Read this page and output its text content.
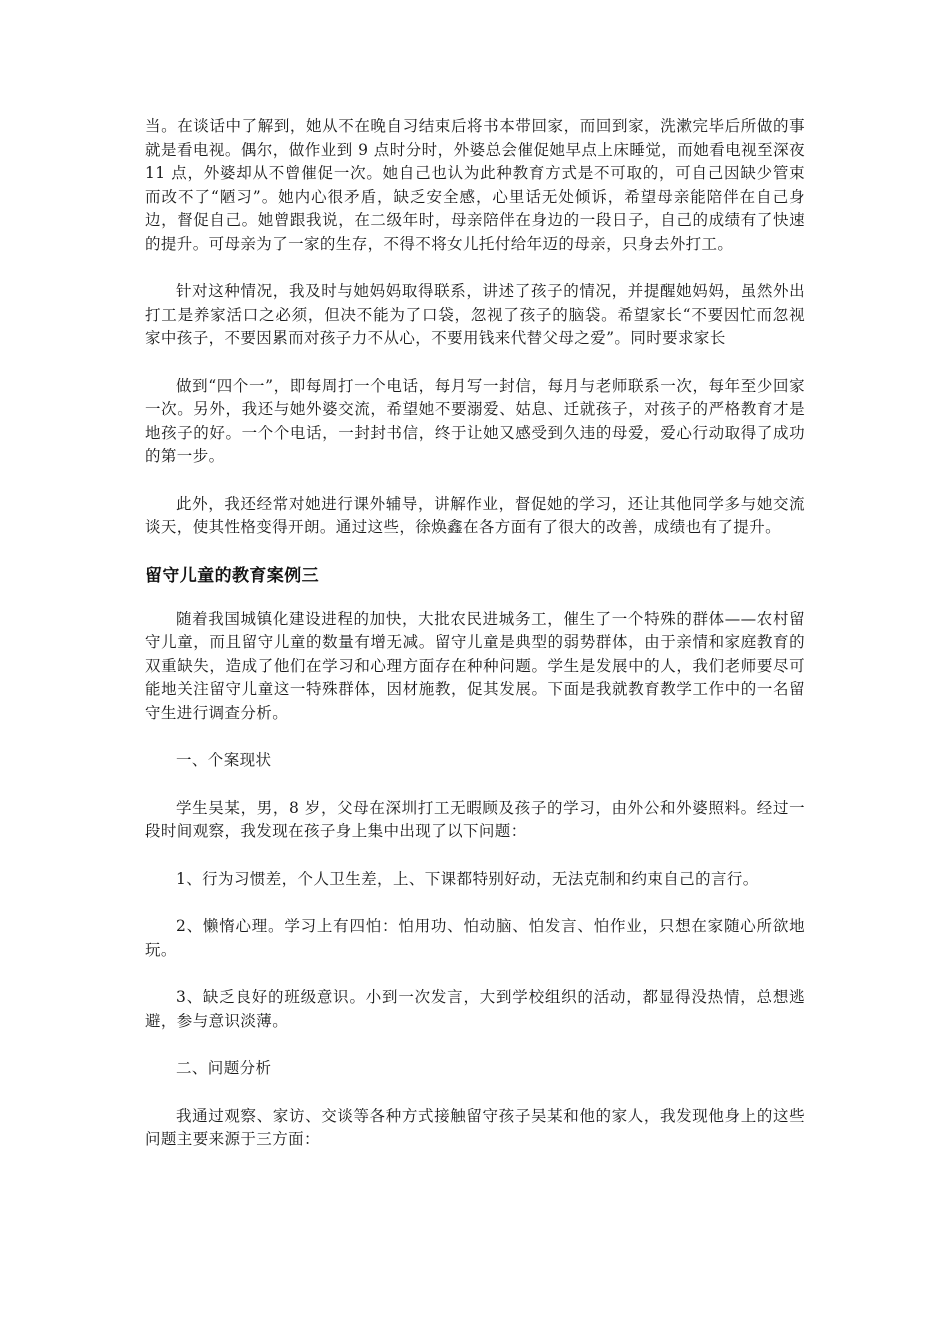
当。在谈话中了解到，她从不在晚自习结束后将书本带回家，而回到家，洗漱完毕后所做的事就是看电视。偶尔，做作业到 9 点时分时，外婆总会催促她早点上床睡觉，而她看电视至深夜 11 点，外婆却从不曾催促一次。她自己也认为此种教育方式是不可取的，可自己因缺少管束而改不了“陋习”。她内心很矛盾，缺乏安全感，心里话无处倾诉，希望母亲能陪伴在自己身边，督促自己。她曾跟我说，在二级年时，母亲陪伴在身边的一段日子，自己的成绩有了快速的提升。可母亲为了一家的生存，不得不将女儿托付给年迈的母亲，只身去外打工。

针对这种情况，我及时与她妈妈取得联系，讲述了孩子的情况，并提醒她妈妈，虽然外出打工是养家活口之必须，但决不能为了口袋，忽视了孩子的脑袋。希望家长“不要因忙而忽视家中孩子，不要因累而对孩子力不从心，不要用钱来代替父母之爱”。同时要求家长

做到“四个一”，即每周打一个电话，每月写一封信，每月与老师联系一次，每年至少回家一次。另外，我还与她外婆交流，希望她不要溺爱、姑息、迁就孩子，对孩子的严格教育才是地孩子的好。一个个电话，一封封书信，终于让她又感受到久违的母爱，爱心行动取得了成功的第一步。

此外，我还经常对她进行课外辅导，讲解作业，督促她的学习，还让其他同学多与她交流谈天，使其性格变得开朗。通过这些，徐焕鑫在各方面有了很大的改善，成绩也有了提升。

留守儿童的教育案例三

随着我国城镇化建设进程的加快，大批农民进城务工，催生了一个特殊的群体——农村留守儿童，而且留守儿童的数量有增无减。留守儿童是典型的弱势群体，由于亲情和家庭教育的双重缺失，造成了他们在学习和心理方面存在种种问题。学生是发展中的人，我们老师要尽可能地关注留守儿童这一特殊群体，因材施教，促其发展。下面是我就教育教学工作中的一名留守生进行调查分析。

一、个案现状

学生吴某，男，8 岁，父母在深圳打工无暇顾及孩子的学习，由外公和外婆照料。经过一段时间观察，我发现在孩子身上集中出现了以下问题：

1、行为习惯差，个人卫生差，上、下课都特别好动，无法克制和约束自己的言行。

2、懒惰心理。学习上有四怕：怕用功、怕动脑、怕发言、怕作业，只想在家随心所欲地玩。

3、缺乏良好的班级意识。小到一次发言，大到学校组织的活动，都显得没热情，总想逃避，参与意识淡薄。

二、问题分析

我通过观察、家访、交谈等各种方式接触留守孩子吴某和他的家人，我发现他身上的这些问题主要来源于三方面：
